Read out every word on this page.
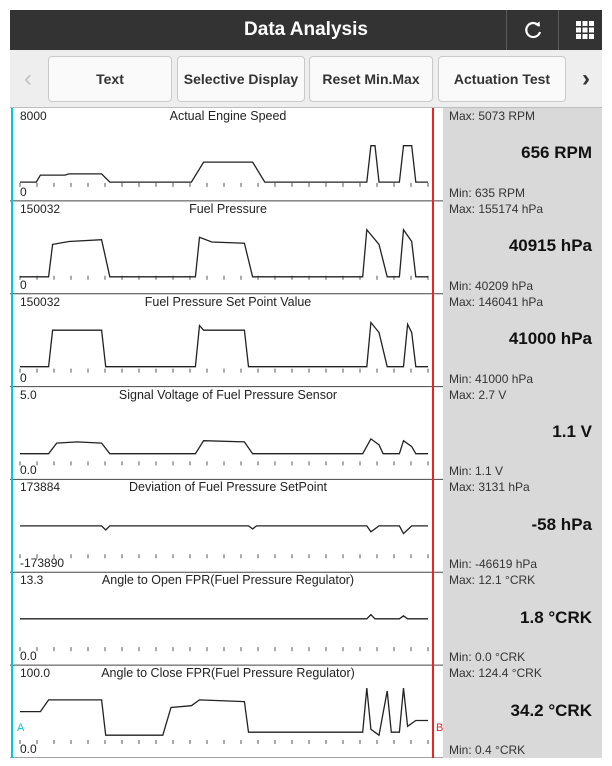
Data Analysis
‹	Text	Selective Display	Reset Min.Max	Actuation Test	›
Max: 5073 RPM
656 RPM
Min: 635 RPM
Max: 155174 hPa
40915 hPa
Min: 40209 hPa
Max: 146041 hPa
41000 hPa
Min: 41000 hPa
Max: 2.7 V
1.1 V
Min: 1.1 V
Max: 3131 hPa
-58 hPa
Min: -46619 hPa
Max: 12.1 °CRK
1.8 °CRK
Min: 0.0 °CRK
Max: 124.4 °CRK
34.2 °CRK
Min: 0.4 °CRK
8000
0
Actual Engine Speed
150032
0
Fuel Pressure
150032
0
Fuel Pressure Set Point Value
5.0
0.0
Signal Voltage of Fuel Pressure Sensor
173884
-173890
Deviation of Fuel Pressure SetPoint
13.3
0.0
Angle to Open FPR(Fuel Pressure Regulator)
100.0
0.0
Angle to Close FPR(Fuel Pressure Regulator)
A	B
